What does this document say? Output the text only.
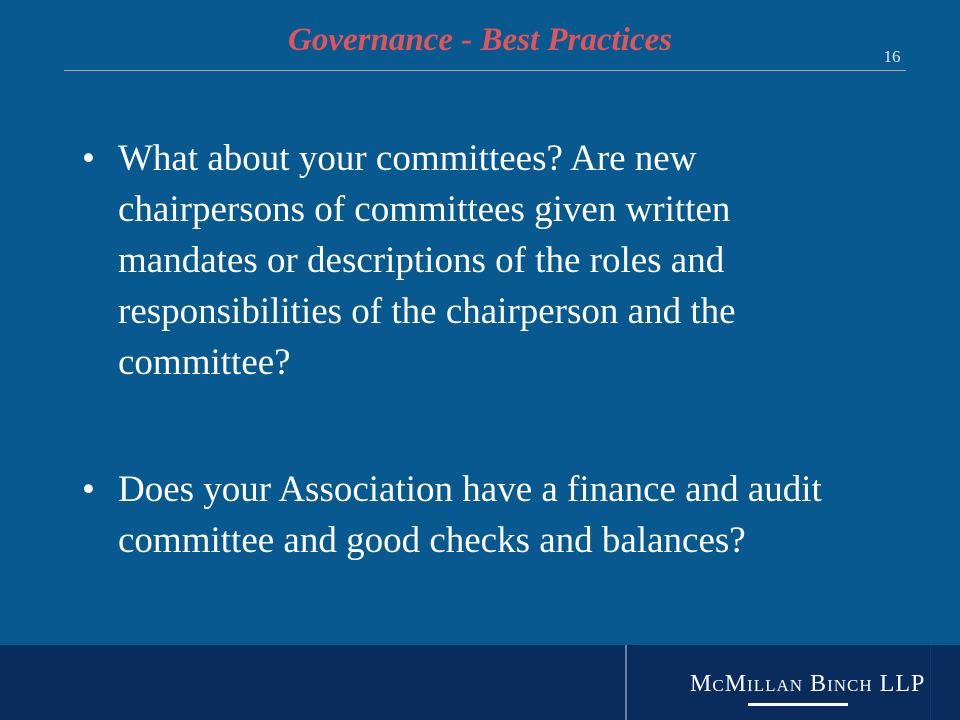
Governance - Best Practices	16
• What about your committees? Are new chairpersons of committees given written mandates or descriptions of the roles and responsibilities of the chairperson and the committee?
• Does your Association have a finance and audit committee and good checks and balances?
MCMILLAN BINCH LLP
